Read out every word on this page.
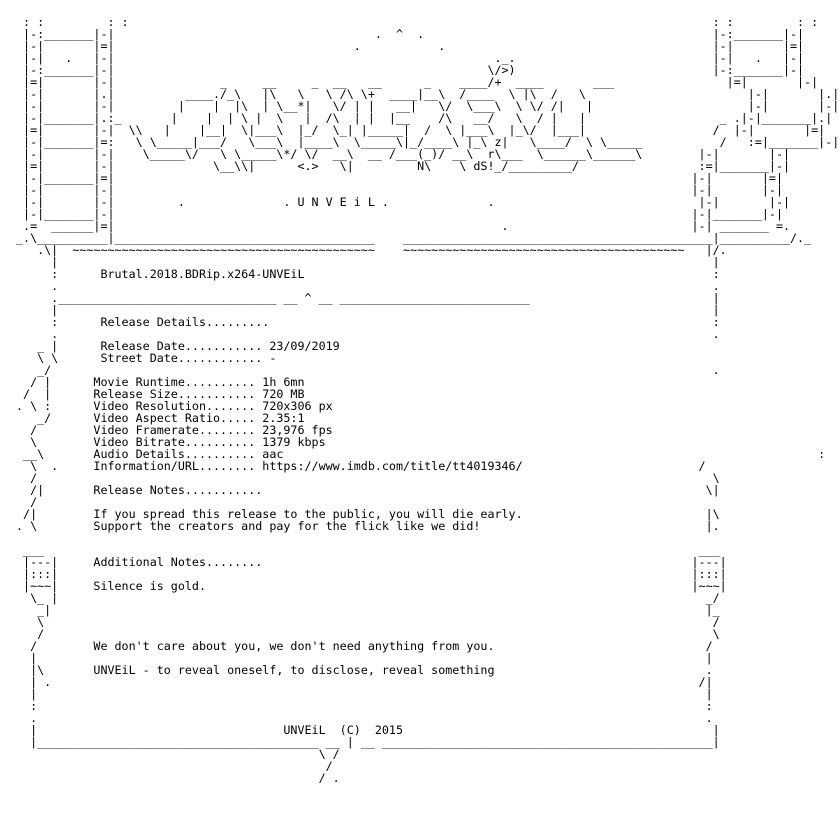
: :         : :                                                                                   : :         : :
|-:_______|-|                                     .  ^  .                                         |-:_______|-|
|-|       |=|                                  .           .                                      |-|       |=|
|-|   .   |-|                                                      ._.                            |-|   .   |-|
|-:_______|-|                                                     \/>)                            |-:_______|-|
|=|       |-|               _     __     _  __   __      _    ____/+  ____       ___                |=|       |-|
|-|       |.|          ____./_\   |\   \   \ /\ \+  ____|__\  /____  \ |\  /   \                       |-|       |.|
|-|       |-|         |    |  |\  | \__*|   \/ | |   __|   \/  \___\  \ \/ /|   |                      |-|       |-|
|-|_______|.:_       |    |  | \ |  \   |  /\  | |  |__    /\   __/   \  / |   |                   _ .|-|_______|.|
|=|       |-|  \\   |    |__|  \|___\  |_/  \_| |_____|  /  \ |___\  |_\/  |___|                  /  |-|       |=|
|-|_______|=:   \ \_____|___/   \___\  |____\  \_____\|_/____\ |_\ z|   \____/  \ \_____           /   :=|_______|-|
|-|       |-|    \_____\/   \ \_____\*/ \/  __\  __ /___(_)/ __\  r\___  \______\______\        |-|       |-|
|=|       |-|              \__\\|      <.>   \|         N\    \ dS!_/_________/                 :=|_______|-|
|-|_______|=|                                                                                  |-|       |=|
|-|       |-|                                                                                  |-|       |-|
|-|       |-|         .              . U N V E i L .              .                             |-|       |-|
|-|_______|-|                                                                                  |-|_______|-|
.=  ______|=|                                                       .                          |-| _______ =.
_.\__________|_____________________________________    ____________________________________________|__________/._
.\|  ~~~~~~~~~~~~~~~~~~~~~~~~~~~~~~~~~~~~~~~~~~~    ~~~~~~~~~~~~~~~~~~~~~~~~~~~~~~~~~~~~~~~~   |/.
|                                                                                             |
:      Brutal.2018.BDRip.x264-UNVEiL                                                          :
.                                                                                             .
._______________________________ __ ^ __ ___________________________                          |
|                                                                                             |
:      Release Details.........                                                               :
.                                                                                             .
_ |      Release Date........... 23/09/2019
\ \      Street Date............ -
_/                                                                                              .
/ |      Movie Runtime.......... 1h 6mn
/  |      Release Size........... 720 MB
. \ :      Video Resolution....... 720x306 px
_/      Video Aspect Ratio..... 2.35:1
/        Video Framerate........ 23,976 fps
\        Video Bitrate.......... 1379 kbps
__\       Audio Details.......... aac                                                                            :
\  .     Information/URL........ https://www.imdb.com/title/tt4019346/                         /
/                                                                                                \
/|       Release Notes...........                                                               \|
/
/|        If you spread this release to the public, you will die early.                          |\
. \        Support the creators and pay for the flick like we did!                                |.

___                                                                                             ___
|---|     Additional Notes........                                                             |---|
|:::|                                                                                          |:::|
|~~~|     Silence is gold.                                                                     |~~~|
\_ |                                                                                            _/
_|                                                                                             |_
\                                                                                               /
/                                                                                               \
/        We don't care about you, we don't need anything from you.                              /
|                                                                                               |
|\       UNVEiL - to reveal oneself, to disclose, reveal something                              .
| .                                                                                            /|
|                                                                                               |
:                                                                                               :
.                                                                                               .
|                                   UNVEiL  (C)  2015                                            |
|________________________________________ __ | __ _______________________________________________|
\ /
/
/ .
